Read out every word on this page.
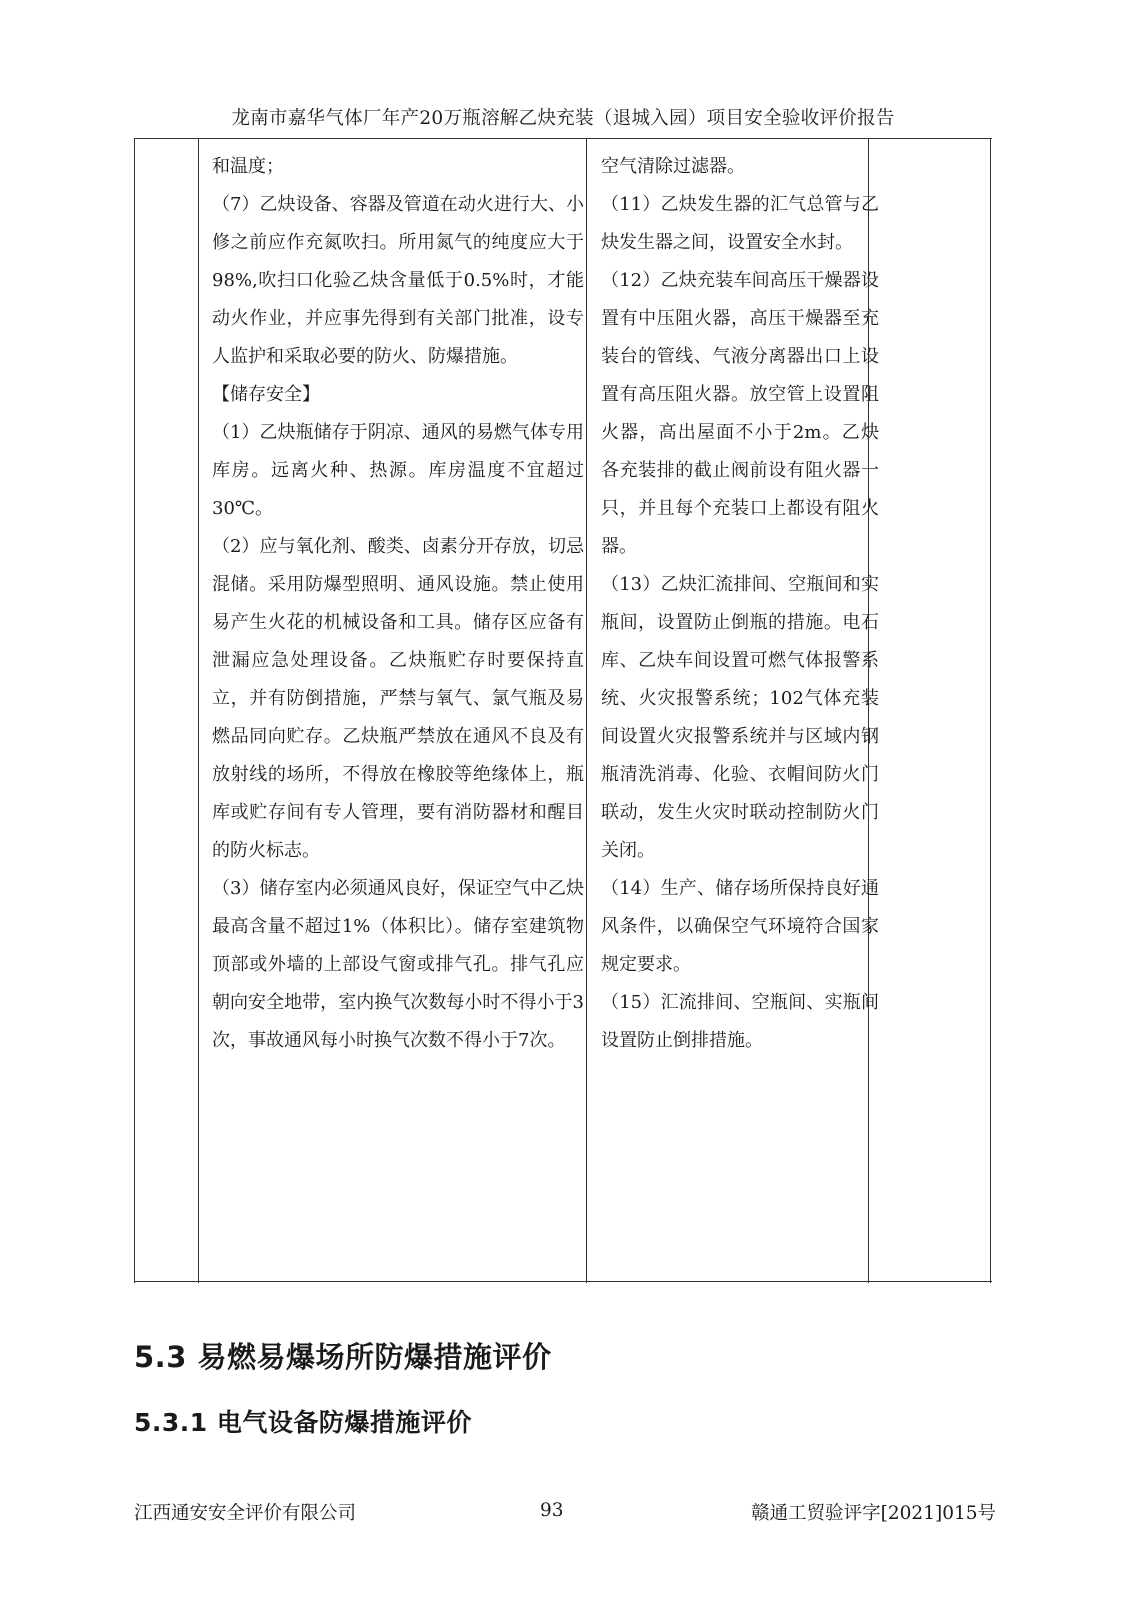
龙南市嘉华气体厂年产20万瓶溶解乙炔充装（退城入园）项目安全验收评价报告

和温度；

（7）乙炔设备、容器及管道在动火进行大、小修之前应作充氮吹扫。所用氮气的纯度应大于98%,吹扫口化验乙炔含量低于0.5%时，才能动火作业，并应事先得到有关部门批准，设专人监护和采取必要的防火、防爆措施。

【储存安全】

（1）乙炔瓶储存于阴凉、通风的易燃气体专用库房。远离火种、热源。库房温度不宜超过30℃。

（2）应与氧化剂、酸类、卤素分开存放，切忌混储。采用防爆型照明、通风设施。禁止使用易产生火花的机械设备和工具。储存区应备有泄漏应急处理设备。乙炔瓶贮存时要保持直立，并有防倒措施，严禁与氧气、氯气瓶及易燃品同向贮存。乙炔瓶严禁放在通风不良及有放射线的场所，不得放在橡胶等绝缘体上，瓶库或贮存间有专人管理，要有消防器材和醒目的防火标志。

（3）储存室内必须通风良好，保证空气中乙炔最高含量不超过1%（体积比）。储存室建筑物顶部或外墙的上部设气窗或排气孔。排气孔应朝向安全地带，室内换气次数每小时不得小于3次，事故通风每小时换气次数不得小于7次。

空气清除过滤器。

（11）乙炔发生器的汇气总管与乙炔发生器之间，设置安全水封。

（12）乙炔充装车间高压干燥器设置有中压阻火器，高压干燥器至充装台的管线、气液分离器出口上设置有高压阻火器。放空管上设置阻火器，高出屋面不小于2m。乙炔各充装排的截止阀前设有阻火器一只，并且每个充装口上都设有阻火器。

（13）乙炔汇流排间、空瓶间和实瓶间，设置防止倒瓶的措施。电石库、乙炔车间设置可燃气体报警系统、火灾报警系统；102气体充装间设置火灾报警系统并与区域内钢瓶清洗消毒、化验、衣帽间防火门联动，发生火灾时联动控制防火门关闭。

（14）生产、储存场所保持良好通风条件，以确保空气环境符合国家规定要求。

（15）汇流排间、空瓶间、实瓶间设置防止倒排措施。

5.3 易燃易爆场所防爆措施评价
5.3.1 电气设备防爆措施评价
江西通安安全评价有限公司	93	赣通工贸验评字[2021]015号
